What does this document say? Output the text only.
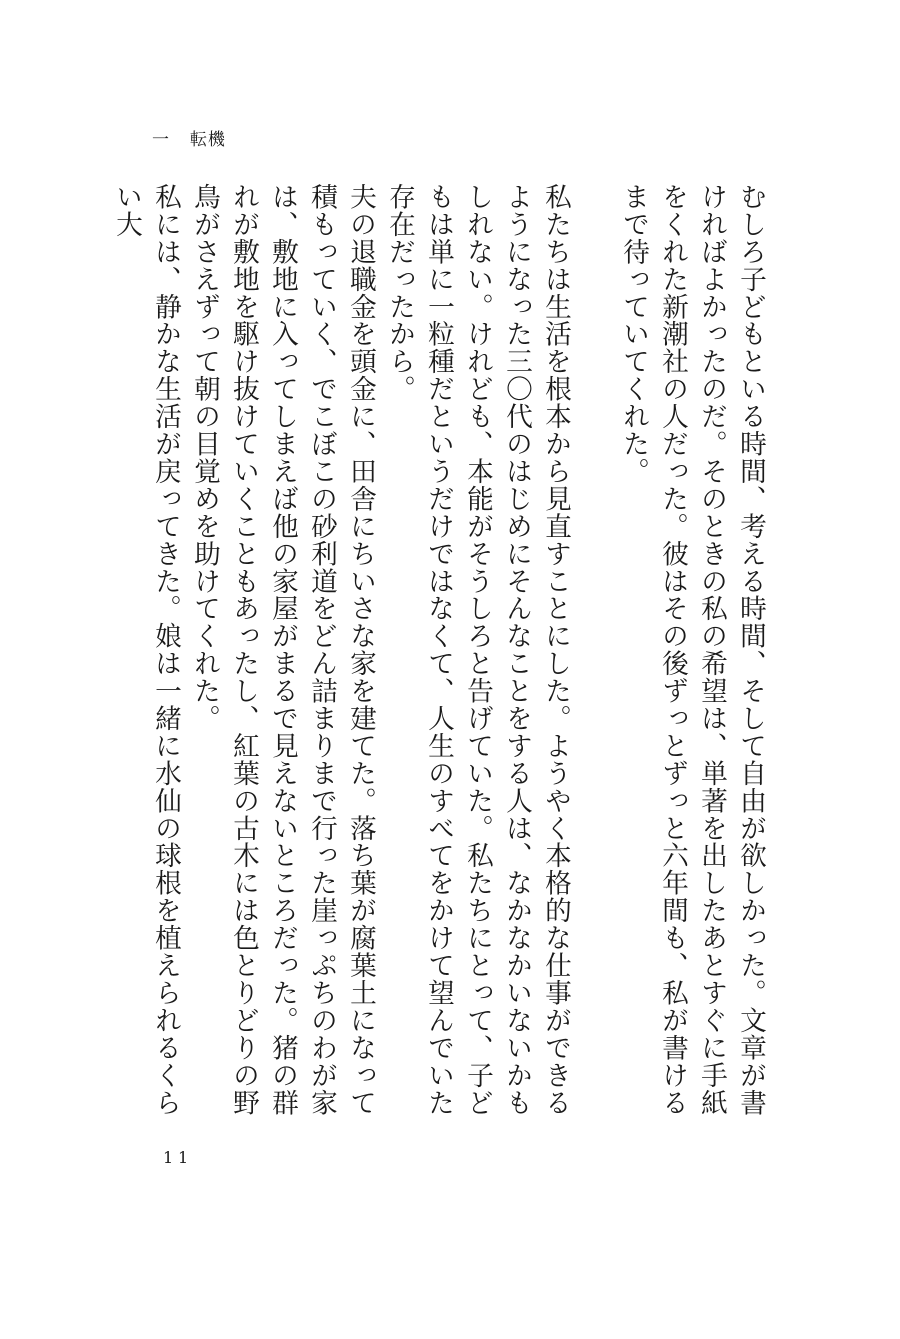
一 転機

むしろ子どもといる時間、考える時間、そして自由が欲しかった。文章が書ければよかったのだ。そのときの私の希望は、単著を出したあとすぐに手紙をくれた新潮社の人だった。彼はその後ずっとずっと六年間も、私が書けるまで待っていてくれた。

私たちは生活を根本から見直すことにした。ようやく本格的な仕事ができるようになった三〇代のはじめにそんなことをする人は、なかなかいないかもしれない。けれども、本能がそうしろと告げていた。私たちにとって、子どもは単に一粒種だというだけではなくて、人生のすべてをかけて望んでいた存在だったから。

夫の退職金を頭金に、田舎にちいさな家を建てた。落ち葉が腐葉土になって積もっていく、でこぼこの砂利道をどん詰まりまで行った崖っぷちのわが家は、敷地に入ってしまえば他の家屋がまるで見えないところだった。猪の群れが敷地を駆け抜けていくこともあったし、紅葉の古木には色とりどりの野鳥がさえずって朝の目覚めを助けてくれた。

私には、静かな生活が戻ってきた。娘は一緒に水仙の球根を植えられるくらい大

11
